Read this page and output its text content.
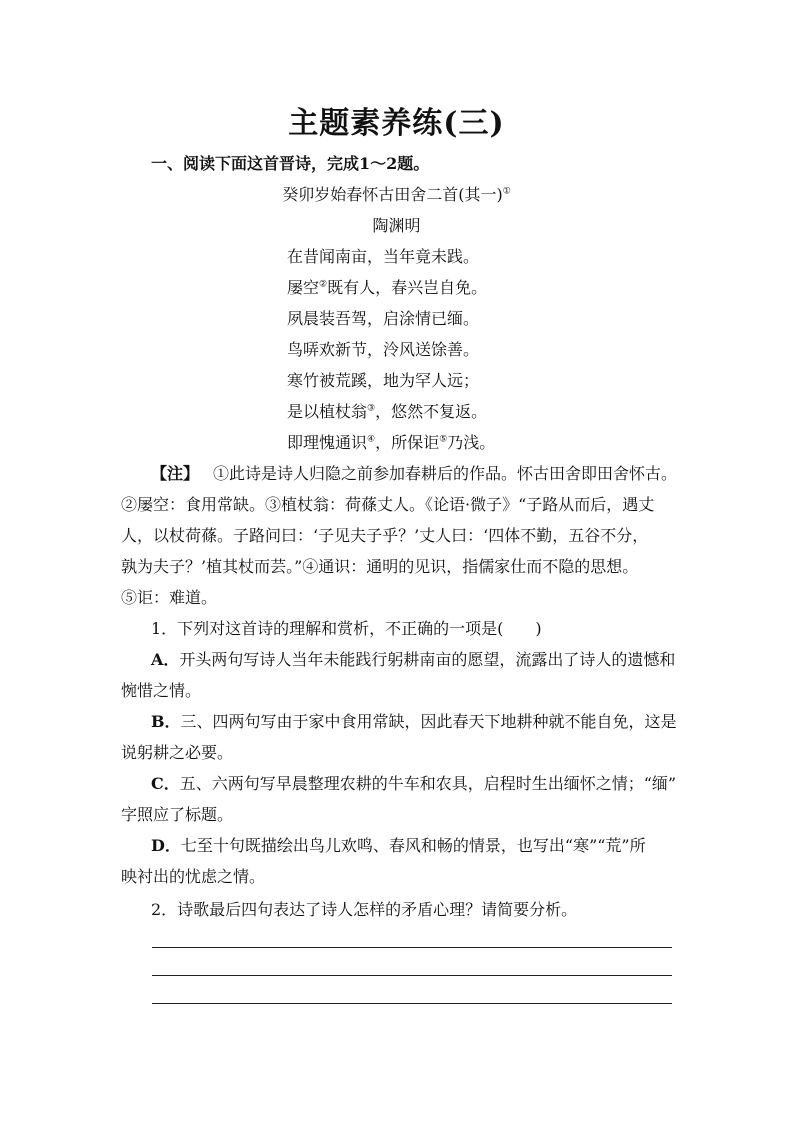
主题素养练(三)
一、阅读下面这首晋诗，完成1～2题。
癸卯岁始春怀古田舍二首(其一)①
陶渊明
在昔闻南亩，当年竟未践。
屡空②既有人，春兴岂自免。
夙晨装吾驾，启涂情已缅。
鸟哢欢新节，泠风送馀善。
寒竹被荒蹊，地为罕人远；
是以植杖翁③，悠然不复返。
即理愧通识④，所保讵⑤乃浅。
【注】 ①此诗是诗人归隐之前参加春耕后的作品。怀古田舍即田舍怀古。
②屡空：食用常缺。③植杖翁：荷蓧丈人。《论语·微子》“子路从而后，遇丈
人，以杖荷蓧。子路问曰：‘子见夫子乎？’丈人曰：‘四体不勤，五谷不分，
孰为夫子？’植其杖而芸。”④通识：通明的见识，指儒家仕而不隐的思想。
⑤讵：难道。
1．下列对这首诗的理解和赏析，不正确的一项是(　　)
A．开头两句写诗人当年未能践行躬耕南亩的愿望，流露出了诗人的遗憾和
惋惜之情。
B．三、四两句写由于家中食用常缺，因此春天下地耕种就不能自免，这是
说躬耕之必要。
C．五、六两句写早晨整理农耕的牛车和农具，启程时生出缅怀之情；“缅”
字照应了标题。
D．七至十句既描绘出鸟儿欢鸣、春风和畅的情景，也写出“寒”“荒”所
映衬出的忧虑之情。
2．诗歌最后四句表达了诗人怎样的矛盾心理？请简要分析。
